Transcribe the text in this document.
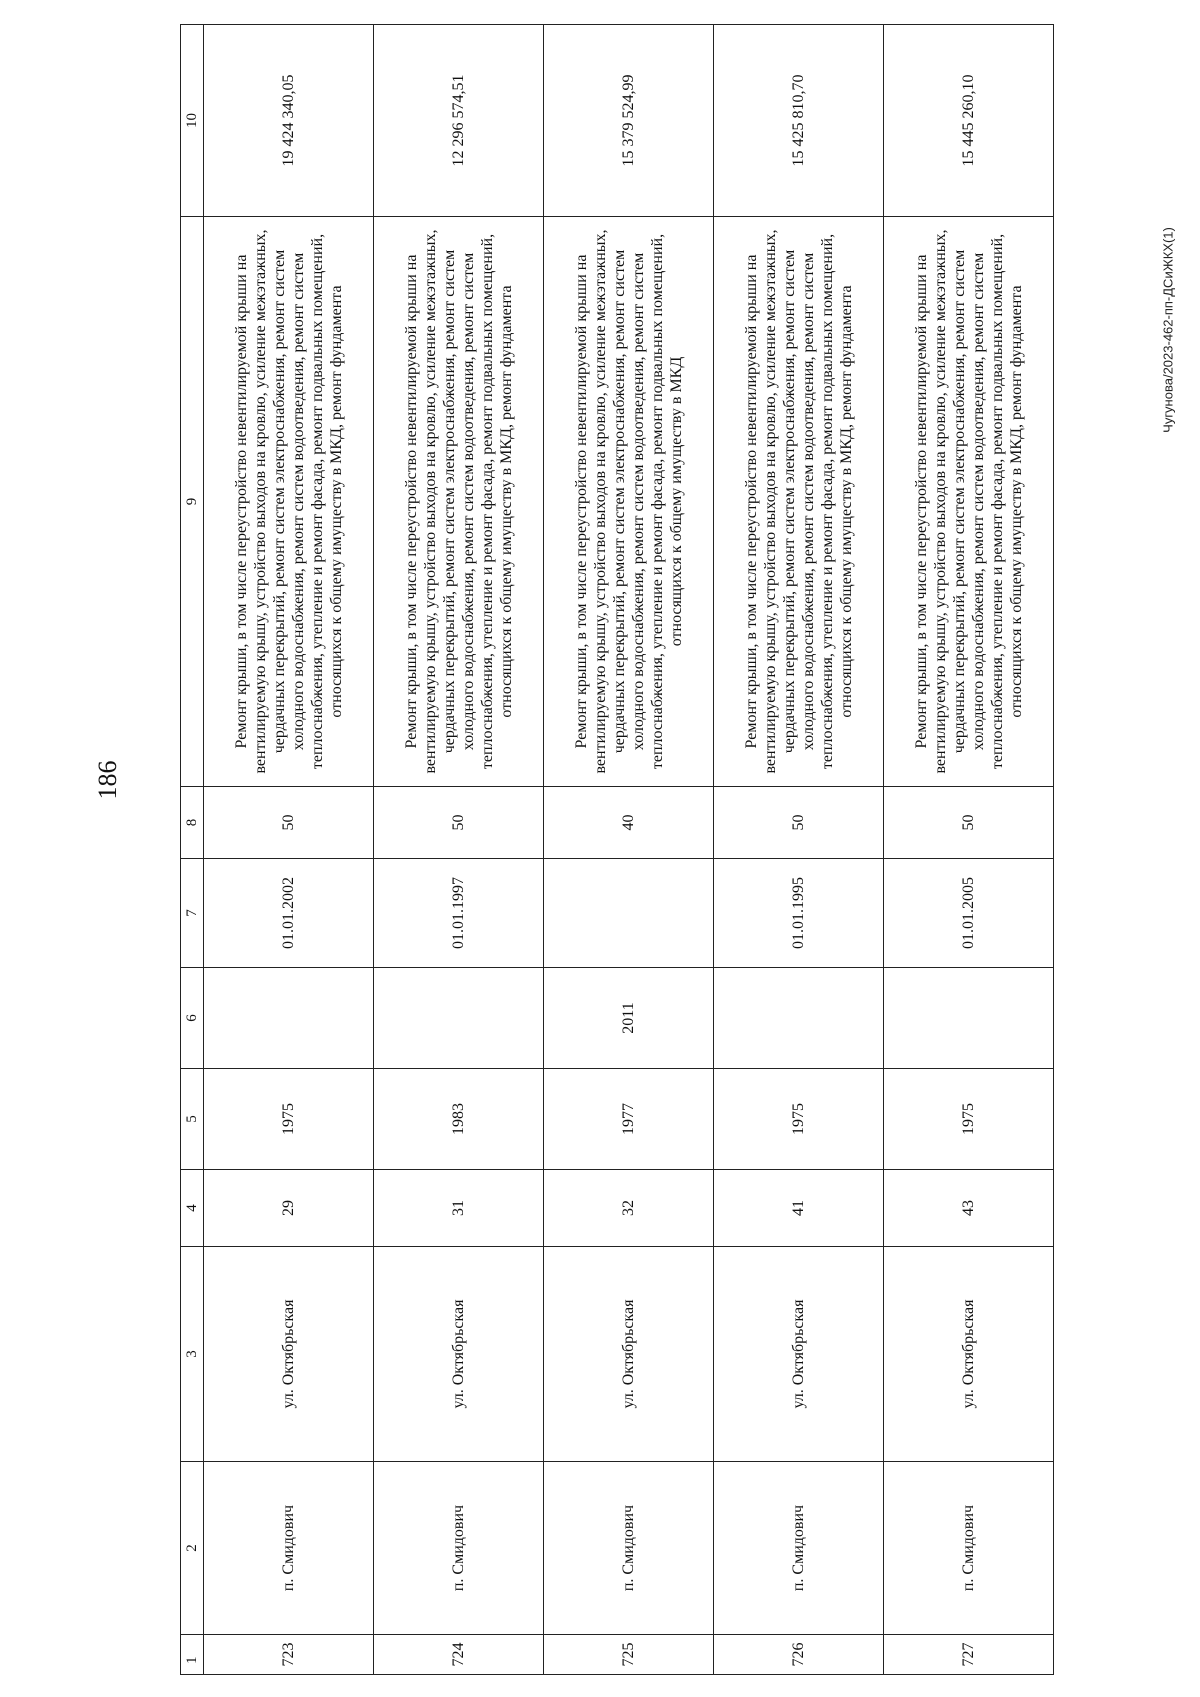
186
Чугунова/2023-462-пп-ДСиЖКХ(1)
1	2	3	4	5	6	7	8	9	10
723	п. Смидович	ул. Октябрьская	29	1975		01.01.2002	50	Ремонт крыши, в том числе переустройство невентилируемой крыши на вентилируемую крышу, устройство выходов на кровлю, усиление межэтажных, чердачных перекрытий, ремонт систем электроснабжения, ремонт систем холодного водоснабжения, ремонт систем водоотведения, ремонт систем теплоснабжения, утепление и ремонт фасада, ремонт подвальных помещений, относящихся к общему имуществу в МКД, ремонт фундамента	19 424 340,05
724	п. Смидович	ул. Октябрьская	31	1983		01.01.1997	50	Ремонт крыши, в том числе переустройство невентилируемой крыши на вентилируемую крышу, устройство выходов на кровлю, усиление межэтажных, чердачных перекрытий, ремонт систем электроснабжения, ремонт систем холодного водоснабжения, ремонт систем водоотведения, ремонт систем теплоснабжения, утепление и ремонт фасада, ремонт подвальных помещений, относящихся к общему имуществу в МКД, ремонт фундамента	12 296 574,51
725	п. Смидович	ул. Октябрьская	32	1977	2011		40	Ремонт крыши, в том числе переустройство невентилируемой крыши на вентилируемую крышу, устройство выходов на кровлю, усиление межэтажных, чердачных перекрытий, ремонт систем электроснабжения, ремонт систем холодного водоснабжения, ремонт систем водоотведения, ремонт систем теплоснабжения, утепление и ремонт фасада, ремонт подвальных помещений, относящихся к общему имуществу в МКД	15 379 524,99
726	п. Смидович	ул. Октябрьская	41	1975		01.01.1995	50	Ремонт крыши, в том числе переустройство невентилируемой крыши на вентилируемую крышу, устройство выходов на кровлю, усиление межэтажных, чердачных перекрытий, ремонт систем электроснабжения, ремонт систем холодного водоснабжения, ремонт систем водоотведения, ремонт систем теплоснабжения, утепление и ремонт фасада, ремонт подвальных помещений, относящихся к общему имуществу в МКД, ремонт фундамента	15 425 810,70
727	п. Смидович	ул. Октябрьская	43	1975		01.01.2005	50	Ремонт крыши, в том числе переустройство невентилируемой крыши на вентилируемую крышу, устройство выходов на кровлю, усиление межэтажных, чердачных перекрытий, ремонт систем электроснабжения, ремонт систем холодного водоснабжения, ремонт систем водоотведения, ремонт систем теплоснабжения, утепление и ремонт фасада, ремонт подвальных помещений, относящихся к общему имуществу в МКД, ремонт фундамента	15 445 260,10
